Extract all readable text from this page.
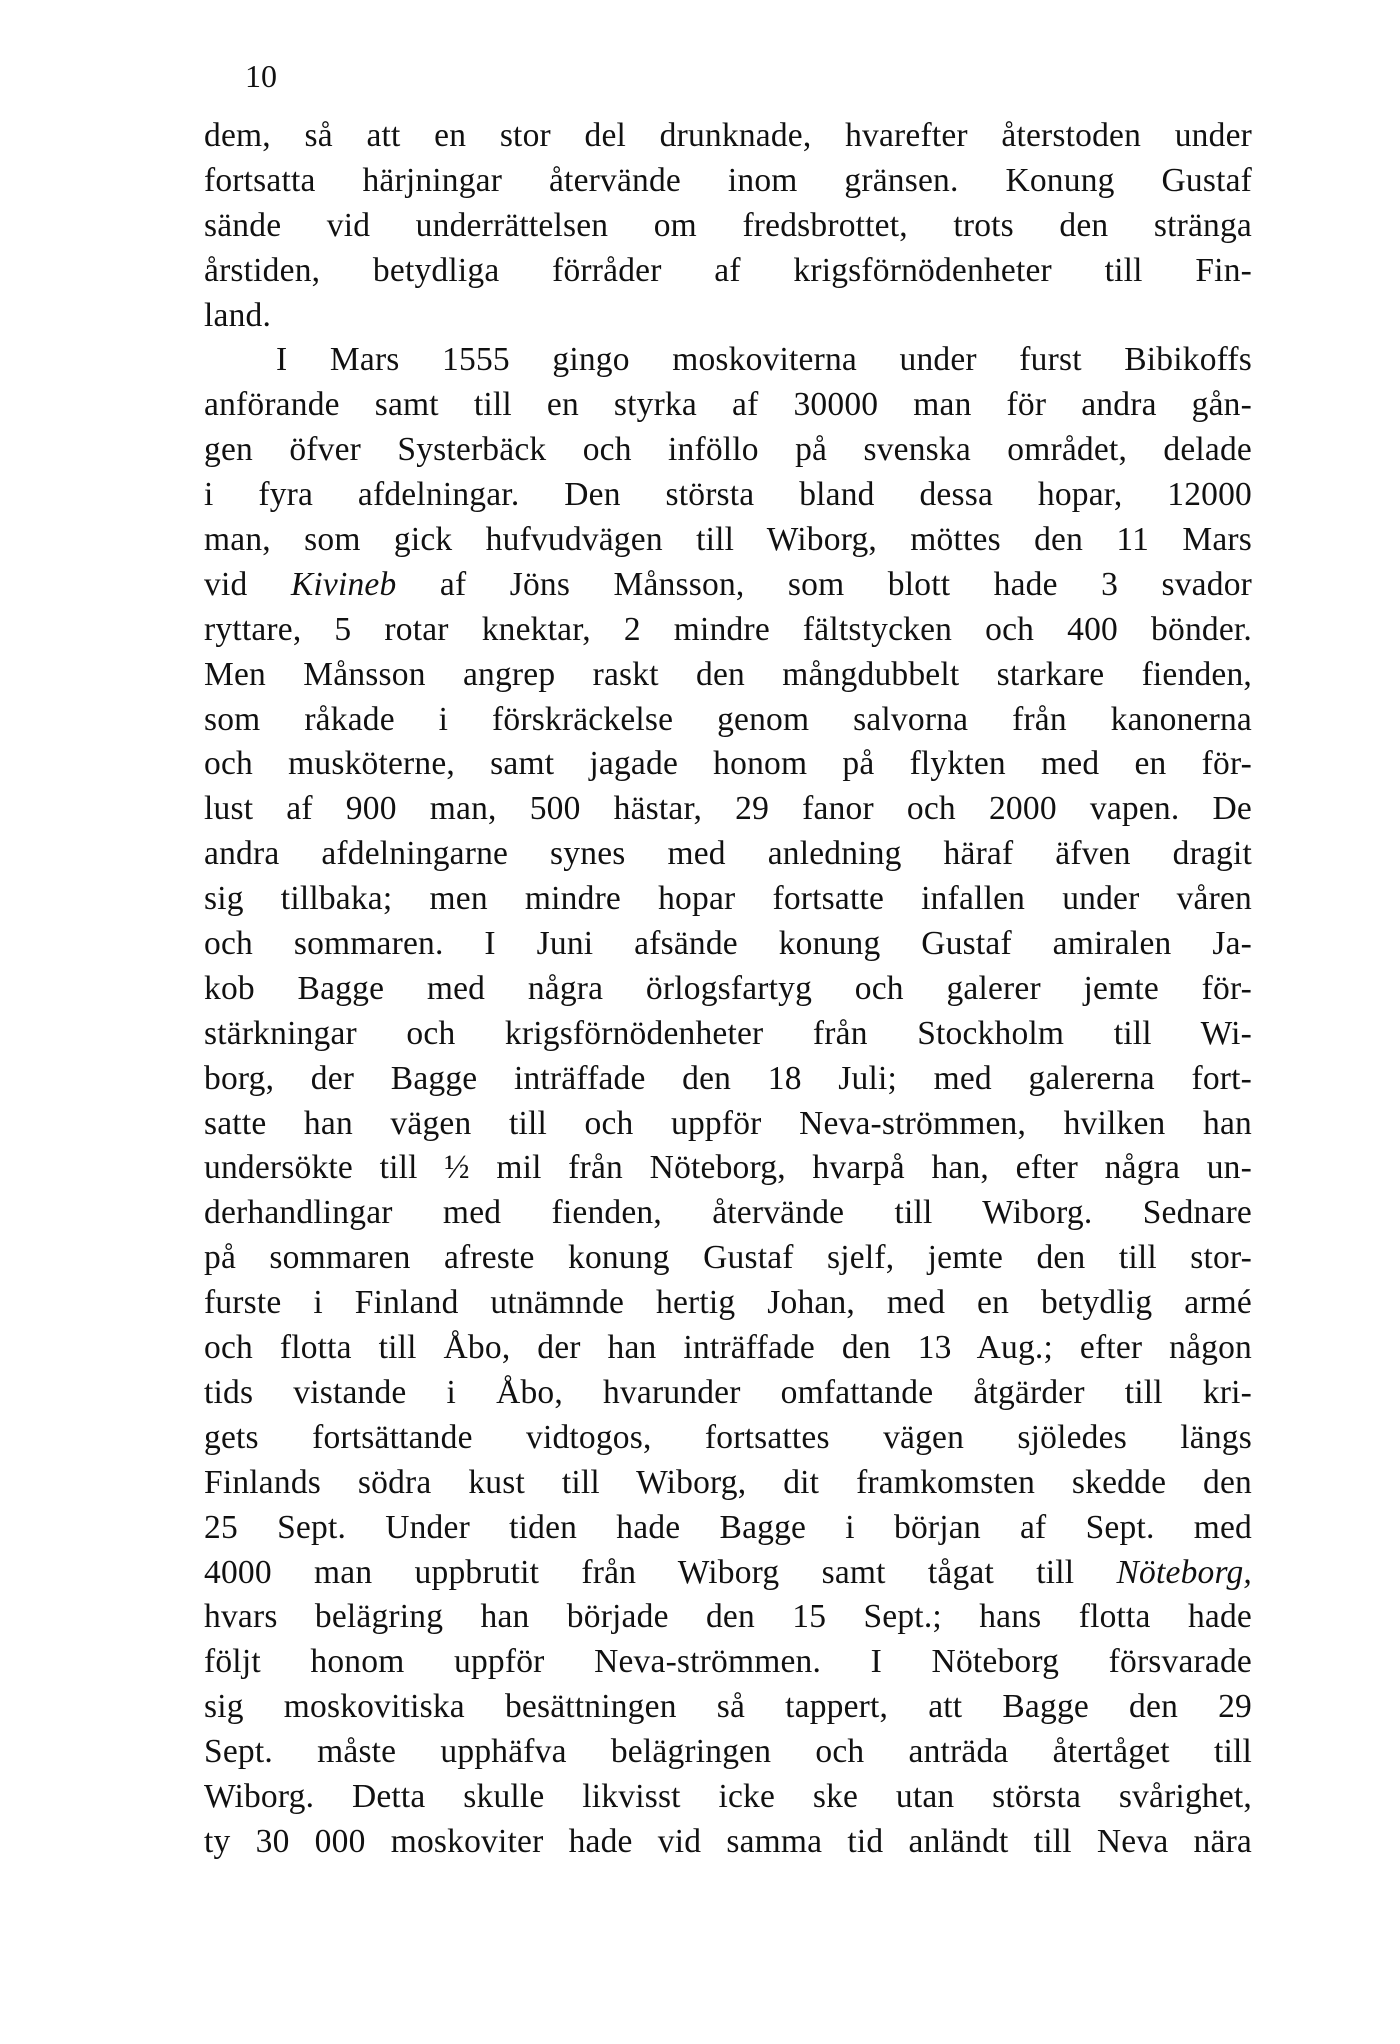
10
dem, så att en stor del drunknade, hvarefter återstoden under
fortsatta härjningar återvände inom gränsen. Konung Gustaf
sände vid underrättelsen om fredsbrottet, trots den stränga
årstiden, betydliga förråder af krigsförnödenheter till Fin-
land.
I Mars 1555 gingo moskoviterna under furst Bibikoffs
anförande samt till en styrka af 30000 man för andra gån-
gen öfver Systerbäck och inföllo på svenska området, delade
i fyra afdelningar. Den största bland dessa hopar, 12000
man, som gick hufvudvägen till Wiborg, möttes den 11 Mars
vid Kivineb af Jöns Månsson, som blott hade 3 svador
ryttare, 5 rotar knektar, 2 mindre fältstycken och 400 bönder.
Men Månsson angrep raskt den mångdubbelt starkare fienden,
som råkade i förskräckelse genom salvorna från kanonerna
och musköterne, samt jagade honom på flykten med en för-
lust af 900 man, 500 hästar, 29 fanor och 2000 vapen. De
andra afdelningarne synes med anledning häraf äfven dragit
sig tillbaka; men mindre hopar fortsatte infallen under våren
och sommaren. I Juni afsände konung Gustaf amiralen Ja-
kob Bagge med några örlogsfartyg och galerer jemte för-
stärkningar och krigsförnödenheter från Stockholm till Wi-
borg, der Bagge inträffade den 18 Juli; med galererna fort-
satte han vägen till och uppför Neva-strömmen, hvilken han
undersökte till ½ mil från Nöteborg, hvarpå han, efter några un-
derhandlingar med fienden, återvände till Wiborg. Sednare
på sommaren afreste konung Gustaf sjelf, jemte den till stor-
furste i Finland utnämnde hertig Johan, med en betydlig armé
och flotta till Åbo, der han inträffade den 13 Aug.; efter någon
tids vistande i Åbo, hvarunder omfattande åtgärder till kri-
gets fortsättande vidtogos, fortsattes vägen sjöledes längs
Finlands södra kust till Wiborg, dit framkomsten skedde den
25 Sept. Under tiden hade Bagge i början af Sept. med
4000 man uppbrutit från Wiborg samt tågat till Nöteborg,
hvars belägring han började den 15 Sept.; hans flotta hade
följt honom uppför Neva-strömmen. I Nöteborg försvarade
sig moskovitiska besättningen så tappert, att Bagge den 29
Sept. måste upphäfva belägringen och anträda återtåget till
Wiborg. Detta skulle likvisst icke ske utan största svårighet,
ty 30 000 moskoviter hade vid samma tid anländt till Neva nära
